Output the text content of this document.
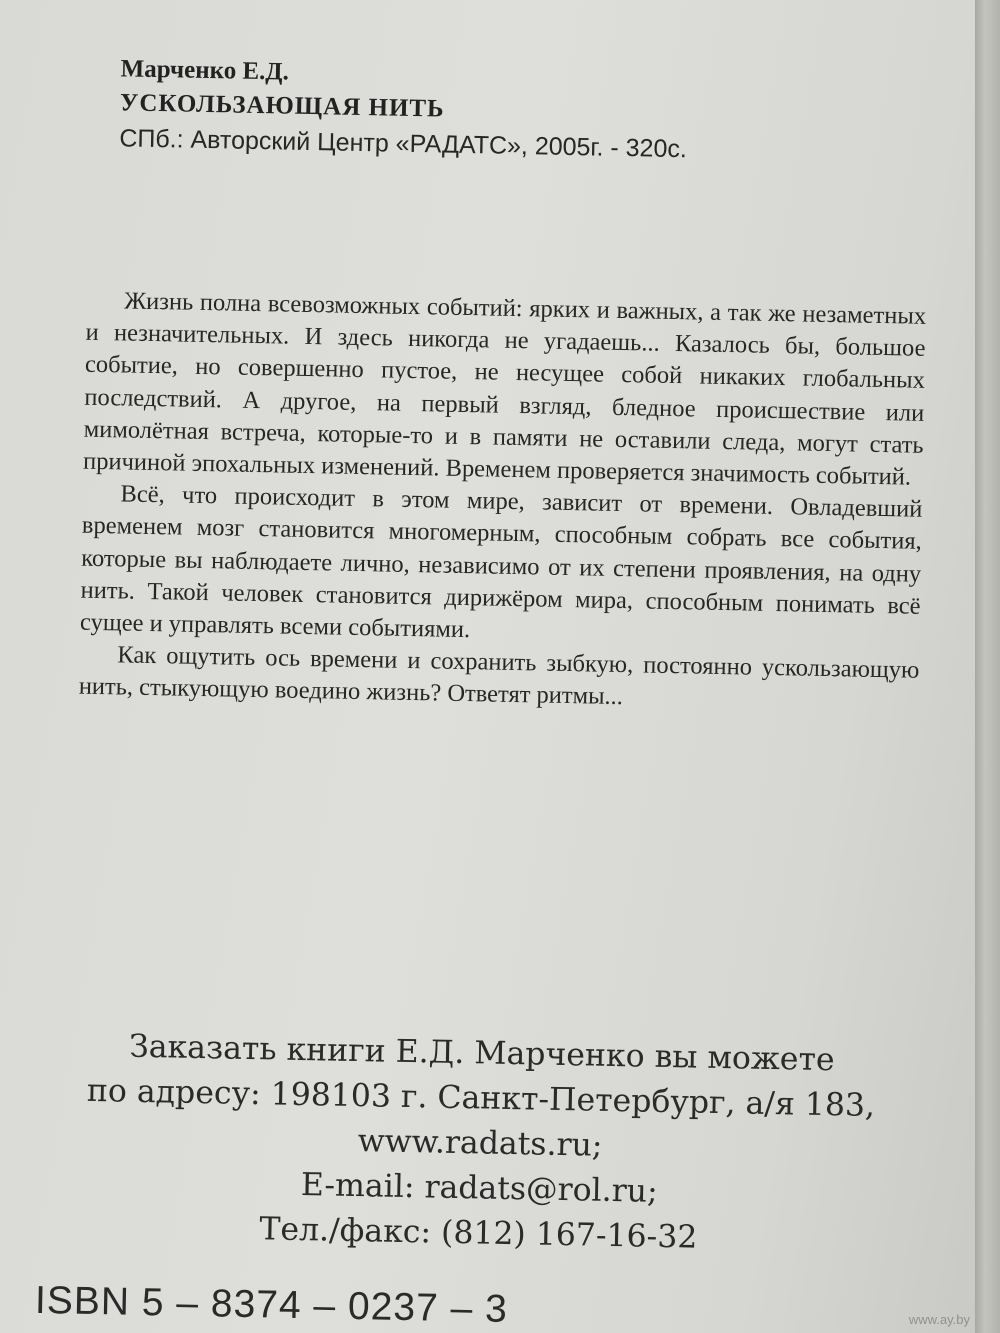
Марченко Е.Д.
УСКОЛЬЗАЮЩАЯ НИТЬ
СПб.: Авторский Центр «РАДАТС», 2005г. - 320с.

Жизнь полна всевозможных событий: ярких и важных, а так же незаметных и незначительных. И здесь никогда не угадаешь... Казалось бы, большое событие, но совершенно пустое, не несущее собой никаких глобальных последствий. А другое, на первый взгляд, бледное происшествие или мимолётная встреча, которые-то и в памяти не оставили следа, могут стать причиной эпохальных изменений. Временем проверяется значимость событий.

Всё, что происходит в этом мире, зависит от времени. Овладевший временем мозг становится многомерным, способным собрать все события, которые вы наблюдаете лично, независимо от их степени проявления, на одну нить. Такой человек становится дирижёром мира, способным понимать всё сущее и управлять всеми событиями.

Как ощутить ось времени и сохранить зыбкую, постоянно ускользающую нить, стыкующую воедино жизнь? Ответят ритмы...

Заказать книги Е.Д. Марченко вы можете
по адресу: 198103 г. Санкт-Петербург, а/я 183,
www.radats.ru;
E-mail: radats@rol.ru;
Тел./факс: (812) 167-16-32
ISBN 5 – 8374 – 0237 – 3	www.ay.by
